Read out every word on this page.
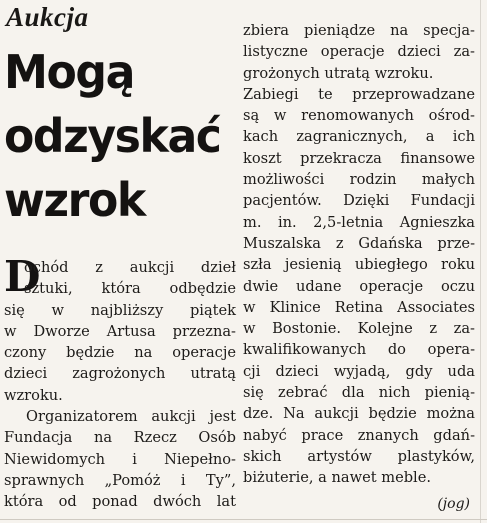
Aukcja
Mogą
odzyskać
wzrok
D
ochód z aukcji dzieł
sztuki, która odbędzie
się w najbliższy piątek
w Dworze Artusa przezna-
czony będzie na operacje
dzieci zagrożonych utratą
wzroku.
Organizatorem aukcji jest
Fundacja na Rzecz Osób
Niewidomych i Niepełno-
sprawnych „Pomóż i Ty”,
która od ponad dwóch lat
zbiera pieniądze na specja-
listyczne operacje dzieci za-
grożonych utratą wzroku.
Zabiegi te przeprowadzane
są w renomowanych ośrod-
kach zagranicznych, a ich
koszt przekracza finansowe
możliwości rodzin małych
pacjentów. Dzięki Fundacji
m. in. 2,5-letnia Agnieszka
Muszalska z Gdańska prze-
szła jesienią ubiegłego roku
dwie udane operacje oczu
w Klinice Retina Associates
w Bostonie. Kolejne z za-
kwalifikowanych do opera-
cji dzieci wyjadą, gdy uda
się zebrać dla nich pienią-
dze. Na aukcji będzie można
nabyć prace znanych gdań-
skich artystów plastyków,
biżuterie, a nawet meble.
(jog)
